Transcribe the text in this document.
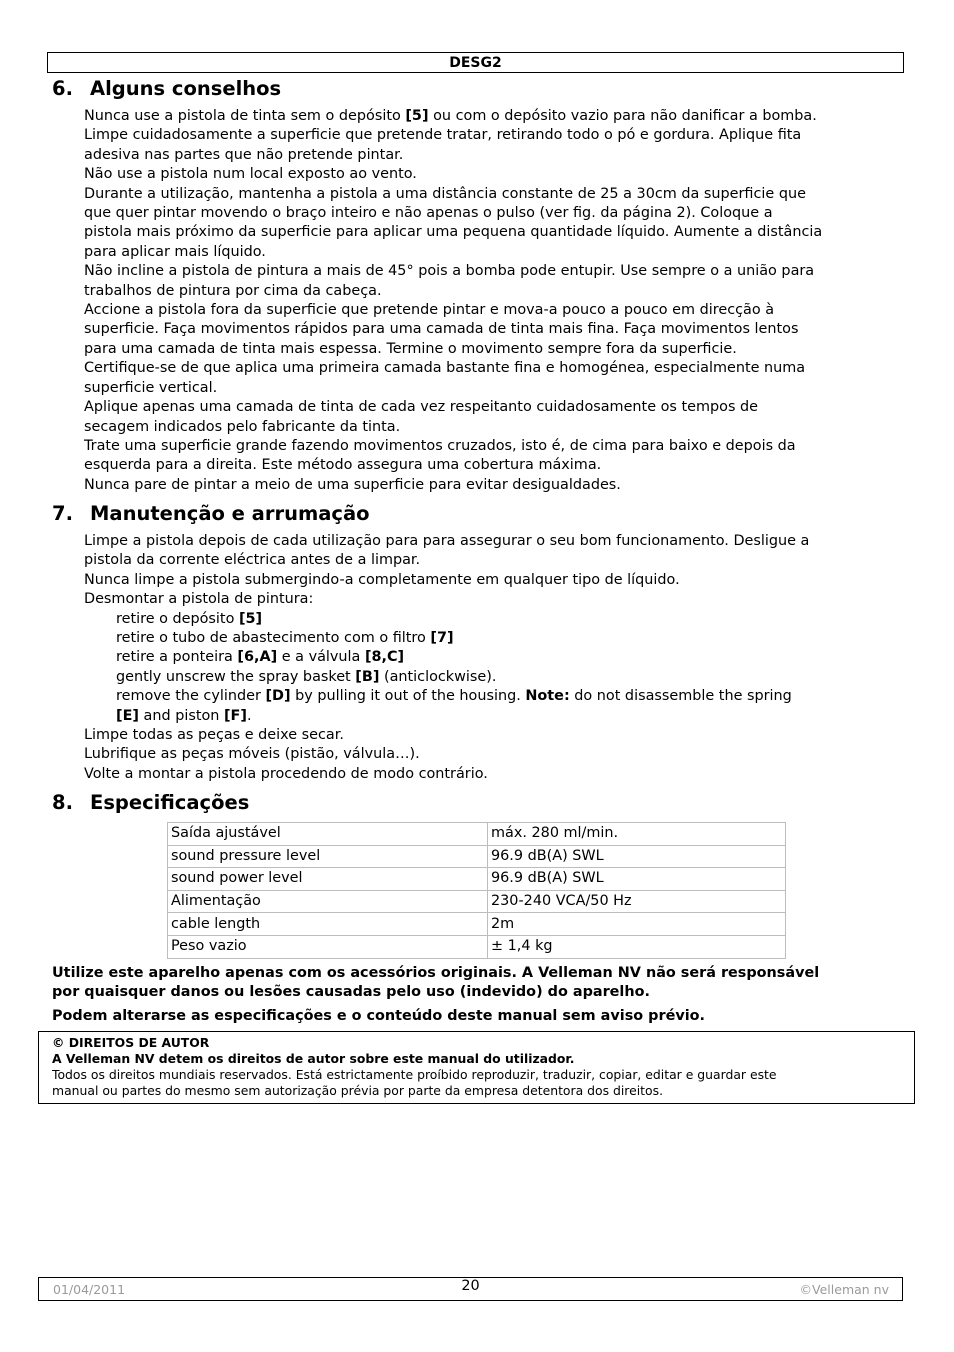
DESG2
6. Alguns conselhos
Nunca use a pistola de tinta sem o depósito [5] ou com o depósito vazio para não danificar a bomba.
Limpe cuidadosamente a superficie que pretende tratar, retirando todo o pó e gordura. Aplique fita
adesiva nas partes que não pretende pintar.
Não use a pistola num local exposto ao vento.
Durante a utilização, mantenha a pistola a uma distância constante de 25 a 30cm da superficie que
que quer pintar movendo o braço inteiro e não apenas o pulso (ver fig. da página 2). Coloque a
pistola mais próximo da superficie para aplicar uma pequena quantidade líquido. Aumente a distância
para aplicar mais líquido.
Não incline a pistola de pintura a mais de 45° pois a bomba pode entupir. Use sempre o a união para
trabalhos de pintura por cima da cabeça.
Accione a pistola fora da superficie que pretende pintar e mova-a pouco a pouco em direcção à
superficie. Faça movimentos rápidos para uma camada de tinta mais fina. Faça movimentos lentos
para uma camada de tinta mais espessa. Termine o movimento sempre fora da superficie.
Certifique-se de que aplica uma primeira camada bastante fina e homogénea, especialmente numa
superficie vertical.
Aplique apenas uma camada de tinta de cada vez respeitanto cuidadosamente os tempos de
secagem indicados pelo fabricante da tinta.
Trate uma superficie grande fazendo movimentos cruzados, isto é, de cima para baixo e depois da
esquerda para a direita. Este método assegura uma cobertura máxima.
Nunca pare de pintar a meio de uma superficie para evitar desigualdades.
7. Manutenção e arrumação
Limpe a pistola depois de cada utilização para para assegurar o seu bom funcionamento. Desligue a
pistola da corrente eléctrica antes de a limpar.
Nunca limpe a pistola submergindo-a completamente em qualquer tipo de líquido.
Desmontar a pistola de pintura:
retire o depósito [5]
retire o tubo de abastecimento com o filtro [7]
retire a ponteira [6,A] e a válvula [8,C]
gently unscrew the spray basket [B] (anticlockwise).
remove the cylinder [D] by pulling it out of the housing. Note: do not disassemble the spring
[E] and piston [F].
Limpe todas as peças e deixe secar.
Lubrifique as peças móveis (pistão, válvula…).
Volte a montar a pistola procedendo de modo contrário.
8. Especificações
Saída ajustável	máx. 280 ml/min.
sound pressure level	96.9 dB(A) SWL
sound power level	96.9 dB(A) SWL
Alimentação	230-240 VCA/50 Hz
cable length	2m
Peso vazio	± 1,4 kg
Utilize este aparelho apenas com os acessórios originais. A Velleman NV não será responsável
por quaisquer danos ou lesões causadas pelo uso (indevido) do aparelho.
Podem alterarse as especificações e o conteúdo deste manual sem aviso prévio.
© DIREITOS DE AUTOR
A Velleman NV detem os direitos de autor sobre este manual do utilizador.
Todos os direitos mundiais reservados. Está estrictamente proíbido reproduzir, traduzir, copiar, editar e guardar este
manual ou partes do mesmo sem autorização prévia por parte da empresa detentora dos direitos.
01/04/2011	20	©Velleman nv
